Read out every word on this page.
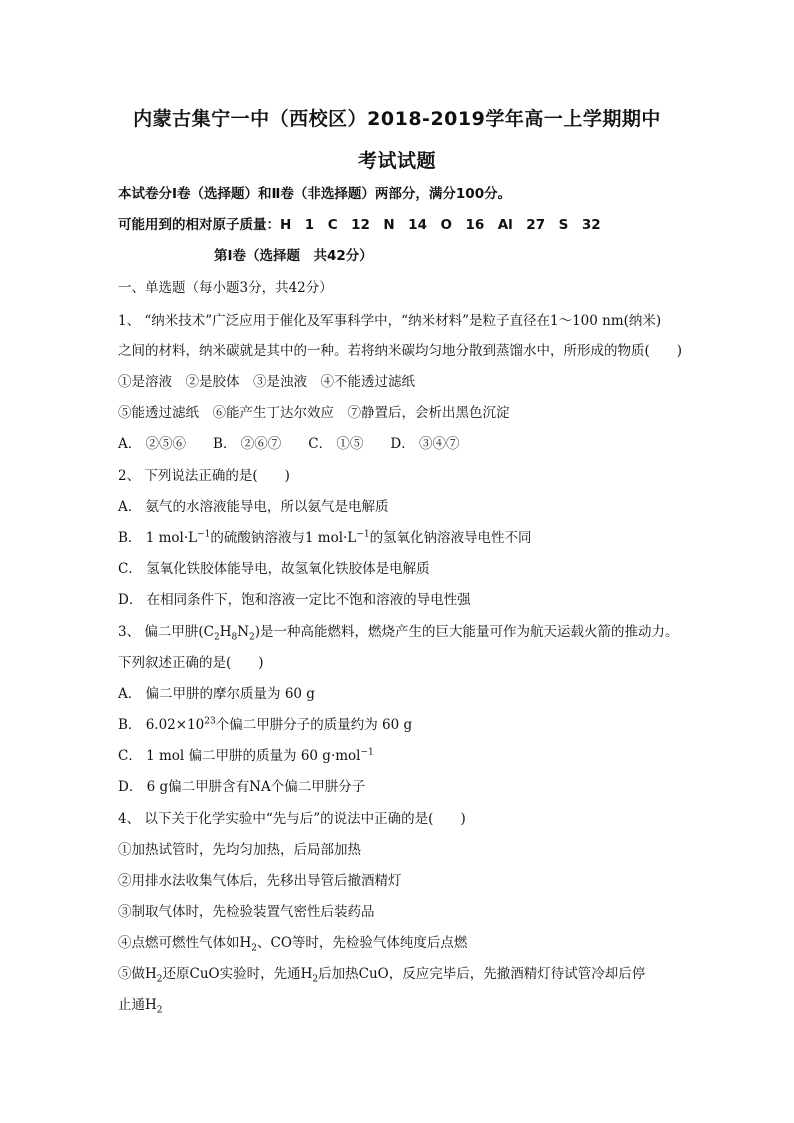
内蒙古集宁一中（西校区）2018-2019学年高一上学期期中
考试试题
本试卷分Ⅰ卷（选择题）和Ⅱ卷（非选择题）两部分，满分100分。
可能用到的相对原子质量：H　1　C　12　N　14　O　16　Al　27　S　32
第Ⅰ卷（选择题　共42分）
一、单选题（每小题3分，共42分）
1、 “纳米技术”广泛应用于催化及军事科学中，“纳米材料”是粒子直径在1～100 nm(纳米)
之间的材料，纳米碳就是其中的一种。若将纳米碳均匀地分散到蒸馏水中，所形成的物质(　　)
①是溶液　②是胶体　③是浊液　④不能透过滤纸
⑤能透过滤纸　⑥能产生丁达尔效应　⑦静置后，会析出黑色沉淀
A． ②⑤⑥　　B． ②⑥⑦　　C． ①⑤　　D． ③④⑦
2、 下列说法正确的是(　　)
A． 氨气的水溶液能导电，所以氨气是电解质
B． 1 $mol\cdot L^{-1}$的硫酸钠溶液与1 $mol\cdot L^{-1}$的氢氧化钠溶液导电性不同
C． 氢氧化铁胶体能导电，故氢氧化铁胶体是电解质
D． 在相同条件下，饱和溶液一定比不饱和溶液的导电性强
3、 偏二甲肼$(C_2H_8N_2)$是一种高能燃料，燃烧产生的巨大能量可作为航天运载火箭的推动力。
下列叙述正确的是(　　)
A． 偏二甲肼的摩尔质量为 60 g
B． $6.02\times 10^{23}$个偏二甲肼分子的质量约为 60 g
C． 1 mol 偏二甲肼的质量为 60 g·mol$^{-1}$
D． 6 g偏二甲肼含有NA个偏二甲肼分子
4、 以下关于化学实验中“先与后”的说法中正确的是(　　)
①加热试管时，先均匀加热，后局部加热
②用排水法收集气体后，先移出导管后撤酒精灯
③制取气体时，先检验装置气密性后装药品
④点燃可燃性气体如$H_2$、CO等时，先检验气体纯度后点燃
⑤做$H_2$还原CuO实验时，先通$H_2$后加热CuO，反应完毕后，先撤酒精灯待试管冷却后停
止通$H_2$
